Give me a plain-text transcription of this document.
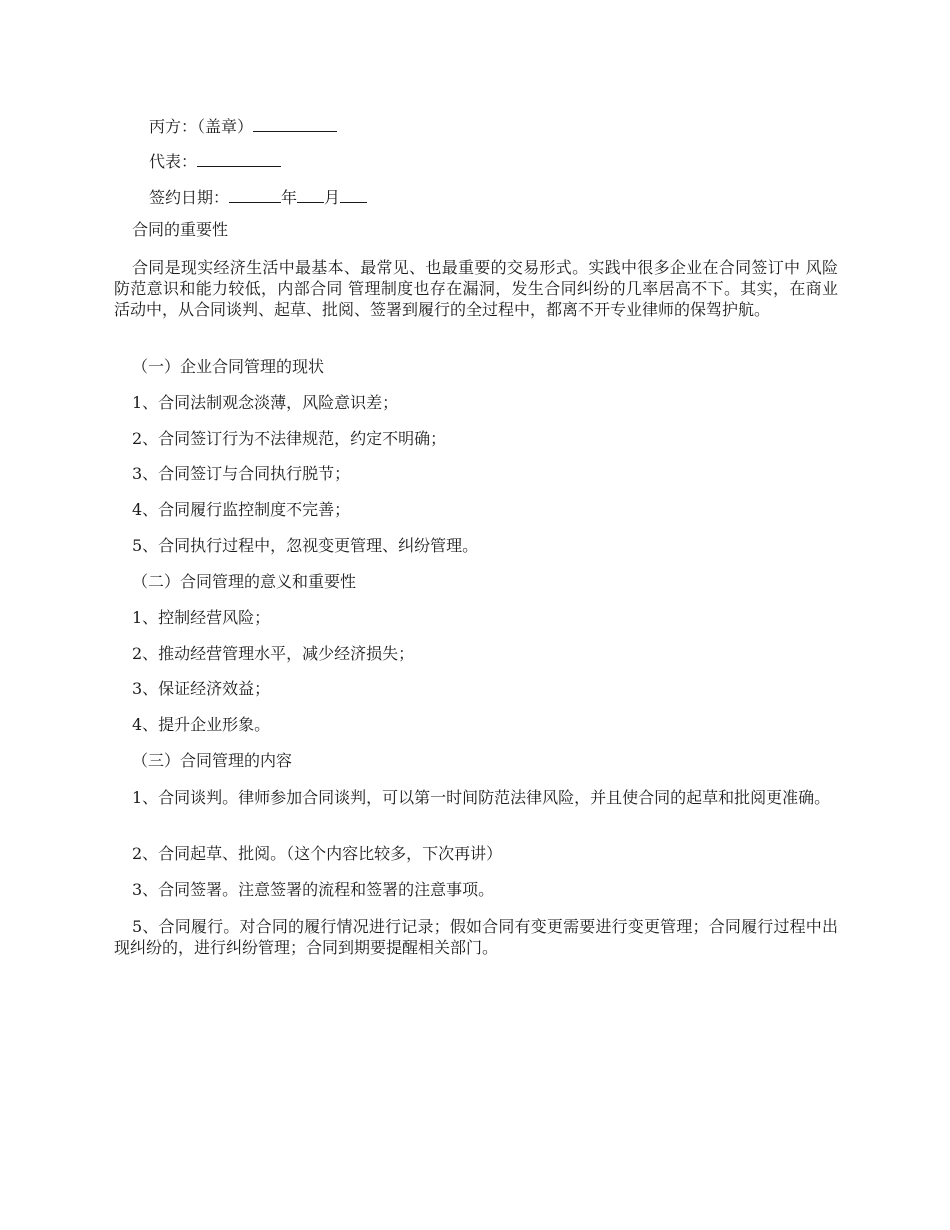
丙方：（盖章）

代表：

签约日期：	年 月

合同的重要性

合同是现实经济生活中最基本、最常见、也最重要的交易形式。实践中很多企业在合同签订中 风险防范意识和能力较低，内部合同 管理制度也存在漏洞，发生合同纠纷的几率居高不下。其实，在商业活动中，从合同谈判、起草、批阅、签署到履行的全过程中，都离不开专业律师的保驾护航。

（一）企业合同管理的现状

1、合同法制观念淡薄，风险意识差；

2、合同签订行为不法律规范，约定不明确；

3、合同签订与合同执行脱节；

4、合同履行监控制度不完善；

5、合同执行过程中，忽视变更管理、纠纷管理。

（二）合同管理的意义和重要性

1、控制经营风险；

2、推动经营管理水平，减少经济损失；

3、保证经济效益；

4、提升企业形象。

（三）合同管理的内容

1、合同谈判。律师参加合同谈判，可以第一时间防范法律风险，并且使合同的起草和批阅更准确。

2、合同起草、批阅。（这个内容比较多，下次再讲）

3、合同签署。注意签署的流程和签署的注意事项。

5、合同履行。对合同的履行情况进行记录；假如合同有变更需要进行变更管理；合同履行过程中出现纠纷的，进行纠纷管理；合同到期要提醒相关部门。
